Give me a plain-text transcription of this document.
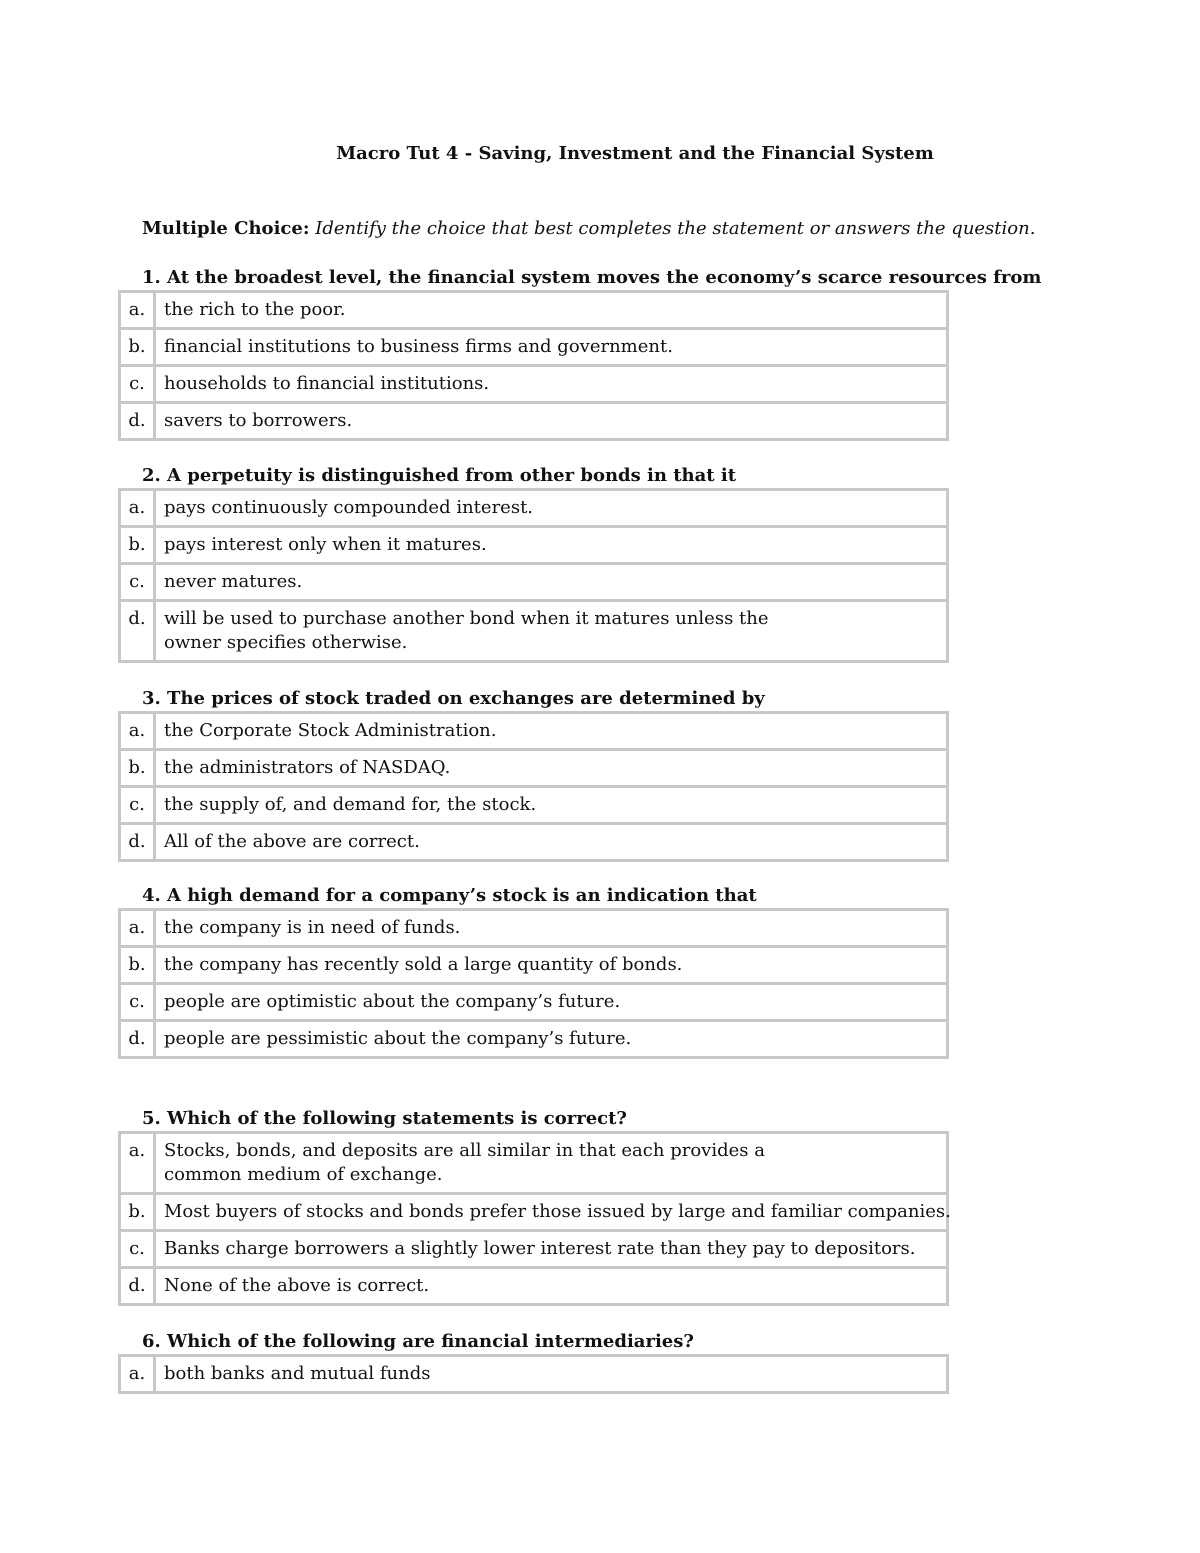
Macro Tut 4 - Saving, Investment and the Financial System
Multiple Choice: Identify the choice that best completes the statement or answers the question.
1. At the broadest level, the financial system moves the economy’s scarce resources from
a.	the rich to the poor.
b.	financial institutions to business firms and government.
c.	households to financial institutions.
d.	savers to borrowers.
2. A perpetuity is distinguished from other bonds in that it
a.	pays continuously compounded interest.
b.	pays interest only when it matures.
c.	never matures.
d.	will be used to purchase another bond when it matures unless the owner specifies otherwise.
3. The prices of stock traded on exchanges are determined by
a.	the Corporate Stock Administration.
b.	the administrators of NASDAQ.
c.	the supply of, and demand for, the stock.
d.	All of the above are correct.
4. A high demand for a company’s stock is an indication that
a.	the company is in need of funds.
b.	the company has recently sold a large quantity of bonds.
c.	people are optimistic about the company’s future.
d.	people are pessimistic about the company’s future.
5. Which of the following statements is correct?
a.	Stocks, bonds, and deposits are all similar in that each provides a common medium of exchange.
b.	Most buyers of stocks and bonds prefer those issued by large and familiar companies.
c.	Banks charge borrowers a slightly lower interest rate than they pay to depositors.
d.	None of the above is correct.
6. Which of the following are financial intermediaries?
a.	both banks and mutual funds
